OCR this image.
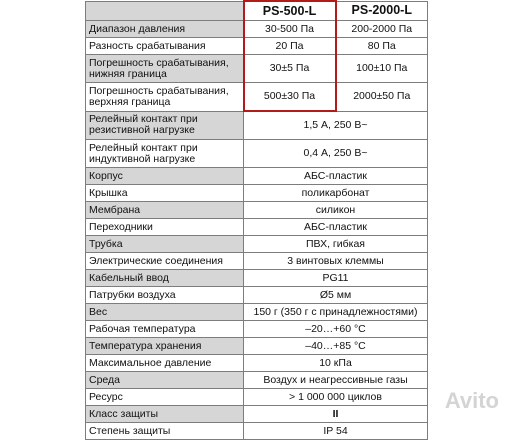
	PS-500-L	PS-2000-L
Диапазон давления	30-500 Па	200-2000 Па
Разность срабатывания	20 Па	80 Па
Погрешность срабатывания, нижняя граница	30±5 Па	100±10 Па
Погрешность срабатывания, верхняя граница	500±30 Па	2000±50 Па
Релейный контакт при резистивной нагрузке	1,5 А, 250 В~	
Релейный контакт при индуктивной нагрузке	0,4 А, 250 В~	
Корпус	АБС-пластик	
Крышка	поликарбонат	
Мембрана	силикон	
Переходники	АБС-пластик	
Трубка	ПВХ, гибкая	
Электрические соединения	3 винтовых клеммы	
Кабельный ввод	PG11	
Патрубки воздуха	Ø5 мм	
Вес	150 г (350 г с принадлежностями)	
Рабочая температура	–20…+60 °С	
Температура хранения	–40…+85 °С	
Максимальное давление	10 кПа	
Среда	Воздух и неагрессивные газы	
Ресурс	> 1 000 000 циклов	
Класс защиты	II	
Степень защиты	IP 54	
Avito
